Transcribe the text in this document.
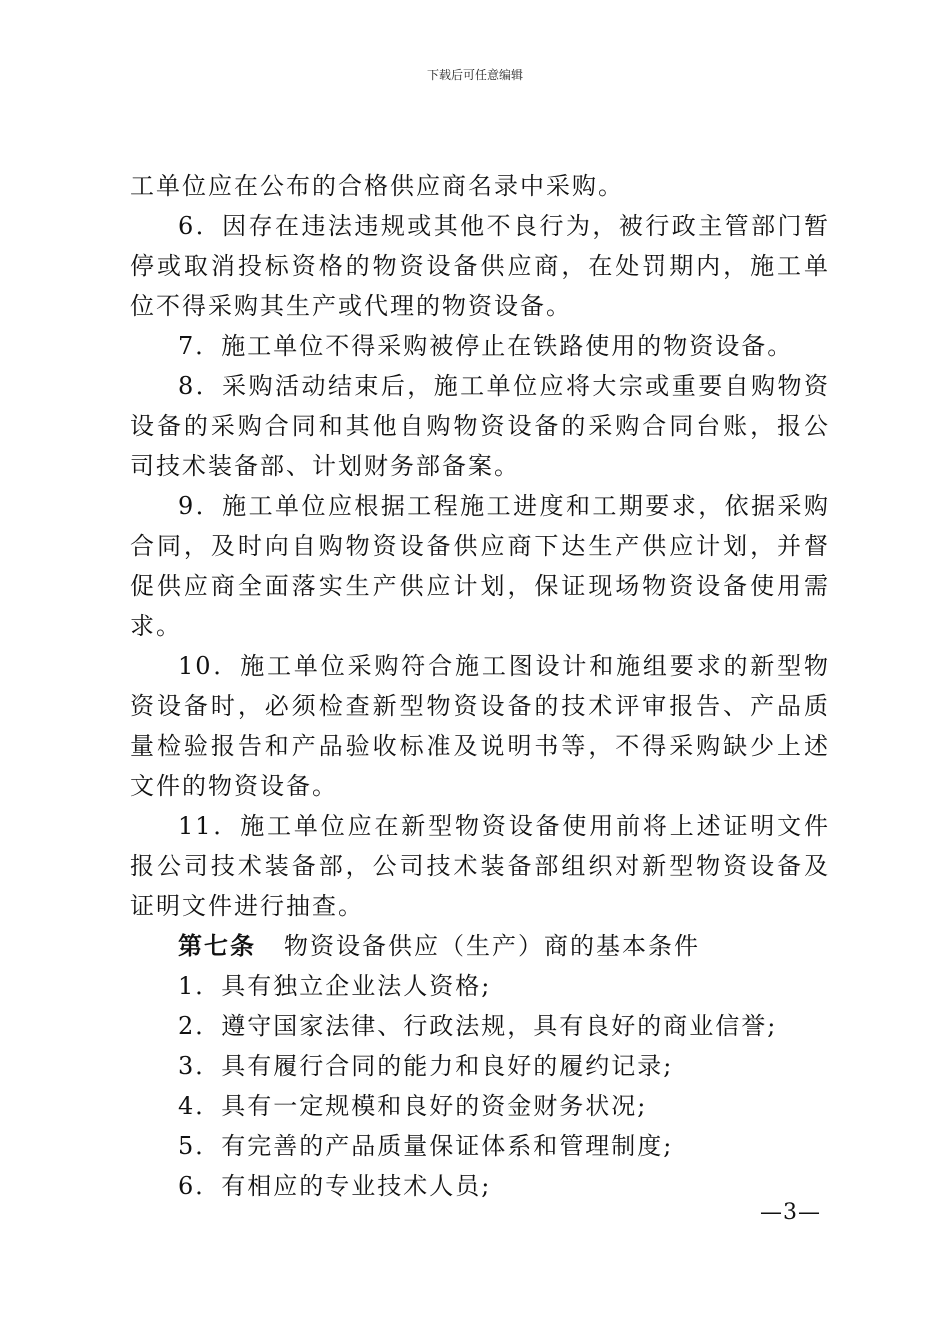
下载后可任意编辑

工单位应在公布的合格供应商名录中采购。

6．因存在违法违规或其他不良行为，被行政主管部门暂停或取消投标资格的物资设备供应商，在处罚期内，施工单位不得采购其生产或代理的物资设备。

7．施工单位不得采购被停止在铁路使用的物资设备。

8．采购活动结束后，施工单位应将大宗或重要自购物资设备的采购合同和其他自购物资设备的采购合同台账，报公司技术装备部、计划财务部备案。

9．施工单位应根据工程施工进度和工期要求，依据采购合同，及时向自购物资设备供应商下达生产供应计划，并督促供应商全面落实生产供应计划，保证现场物资设备使用需求。

10．施工单位采购符合施工图设计和施组要求的新型物资设备时，必须检查新型物资设备的技术评审报告、产品质量检验报告和产品验收标准及说明书等，不得采购缺少上述文件的物资设备。

11．施工单位应在新型物资设备使用前将上述证明文件报公司技术装备部，公司技术装备部组织对新型物资设备及证明文件进行抽查。

第七条 物资设备供应（生产）商的基本条件

1．具有独立企业法人资格;

2．遵守国家法律、行政法规，具有良好的商业信誉;

3．具有履行合同的能力和良好的履约记录;

4．具有一定规模和良好的资金财务状况;

5．有完善的产品质量保证体系和管理制度;

6．有相应的专业技术人员;

—3—
